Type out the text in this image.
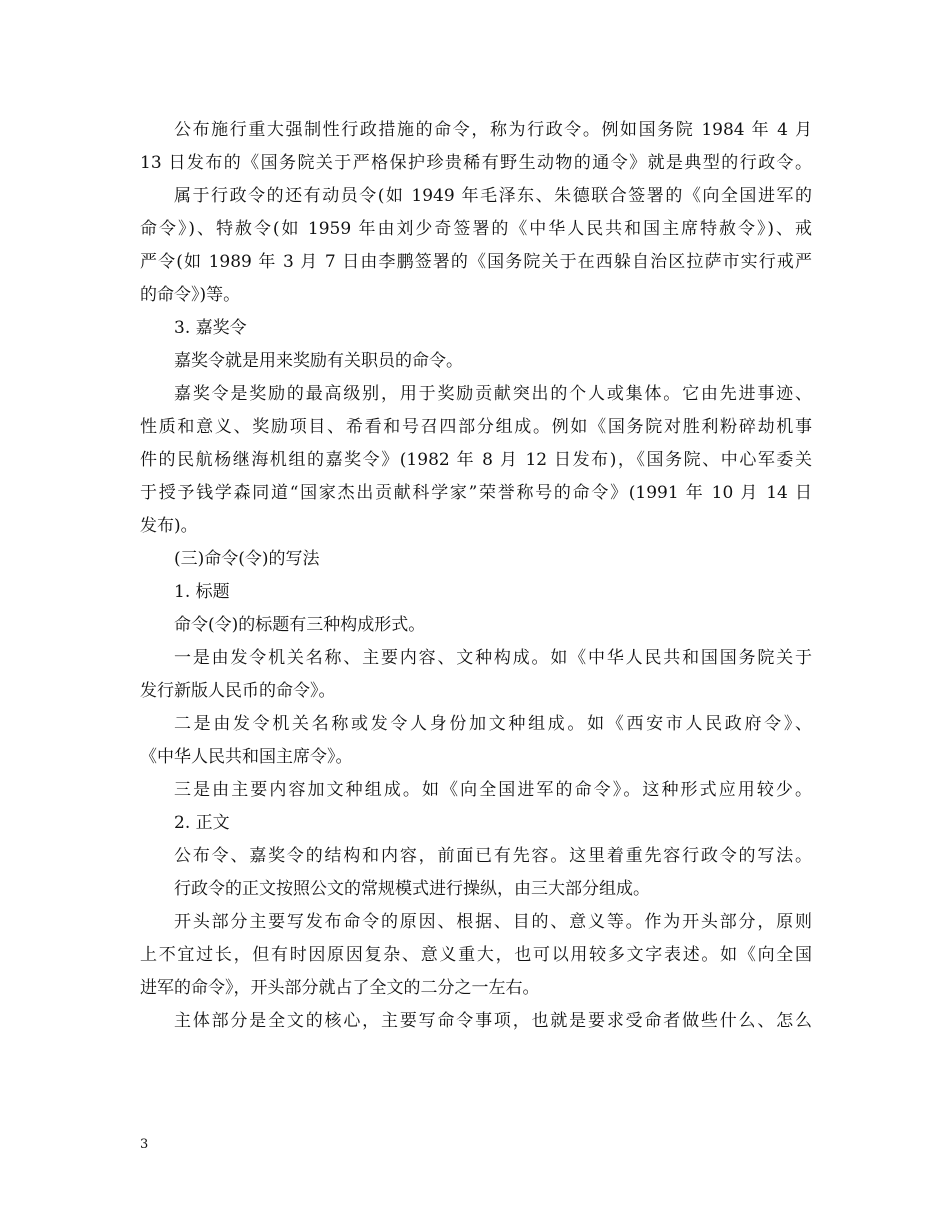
公布施行重大强制性行政措施的命令，称为行政令。例如国务院 1984 年 4 月
13 日发布的《国务院关于严格保护珍贵稀有野生动物的通令》就是典型的行政令。
属于行政令的还有动员令(如 1949 年毛泽东、朱德联合签署的《向全国进军的
命令》)、特赦令(如 1959 年由刘少奇签署的《中华人民共和国主席特赦令》)、戒
严令(如 1989 年 3 月 7 日由李鹏签署的《国务院关于在西躲自治区拉萨市实行戒严
的命令》)等。
3. 嘉奖令
嘉奖令就是用来奖励有关职员的命令。
嘉奖令是奖励的最高级别，用于奖励贡献突出的个人或集体。它由先进事迹、
性质和意义、奖励项目、希看和号召四部分组成。例如《国务院对胜利粉碎劫机事
件的民航杨继海机组的嘉奖令》(1982 年 8 月 12 日发布)，《国务院、中心军委关
于授予钱学森同道“国家杰出贡献科学家”荣誉称号的命令》(1991 年 10 月 14 日
发布)。
(三)命令(令)的写法
1. 标题
命令(令)的标题有三种构成形式。
一是由发令机关名称、主要内容、文种构成。如《中华人民共和国国务院关于
发行新版人民币的命令》。
二是由发令机关名称或发令人身份加文种组成。如《西安市人民政府令》、
《中华人民共和国主席令》。
三是由主要内容加文种组成。如《向全国进军的命令》。这种形式应用较少。
2. 正文
公布令、嘉奖令的结构和内容，前面已有先容。这里着重先容行政令的写法。
行政令的正文按照公文的常规模式进行操纵，由三大部分组成。
开头部分主要写发布命令的原因、根据、目的、意义等。作为开头部分，原则
上不宜过长，但有时因原因复杂、意义重大，也可以用较多文字表述。如《向全国
进军的命令》，开头部分就占了全文的二分之一左右。
主体部分是全文的核心，主要写命令事项，也就是要求受命者做些什么、怎么
3
